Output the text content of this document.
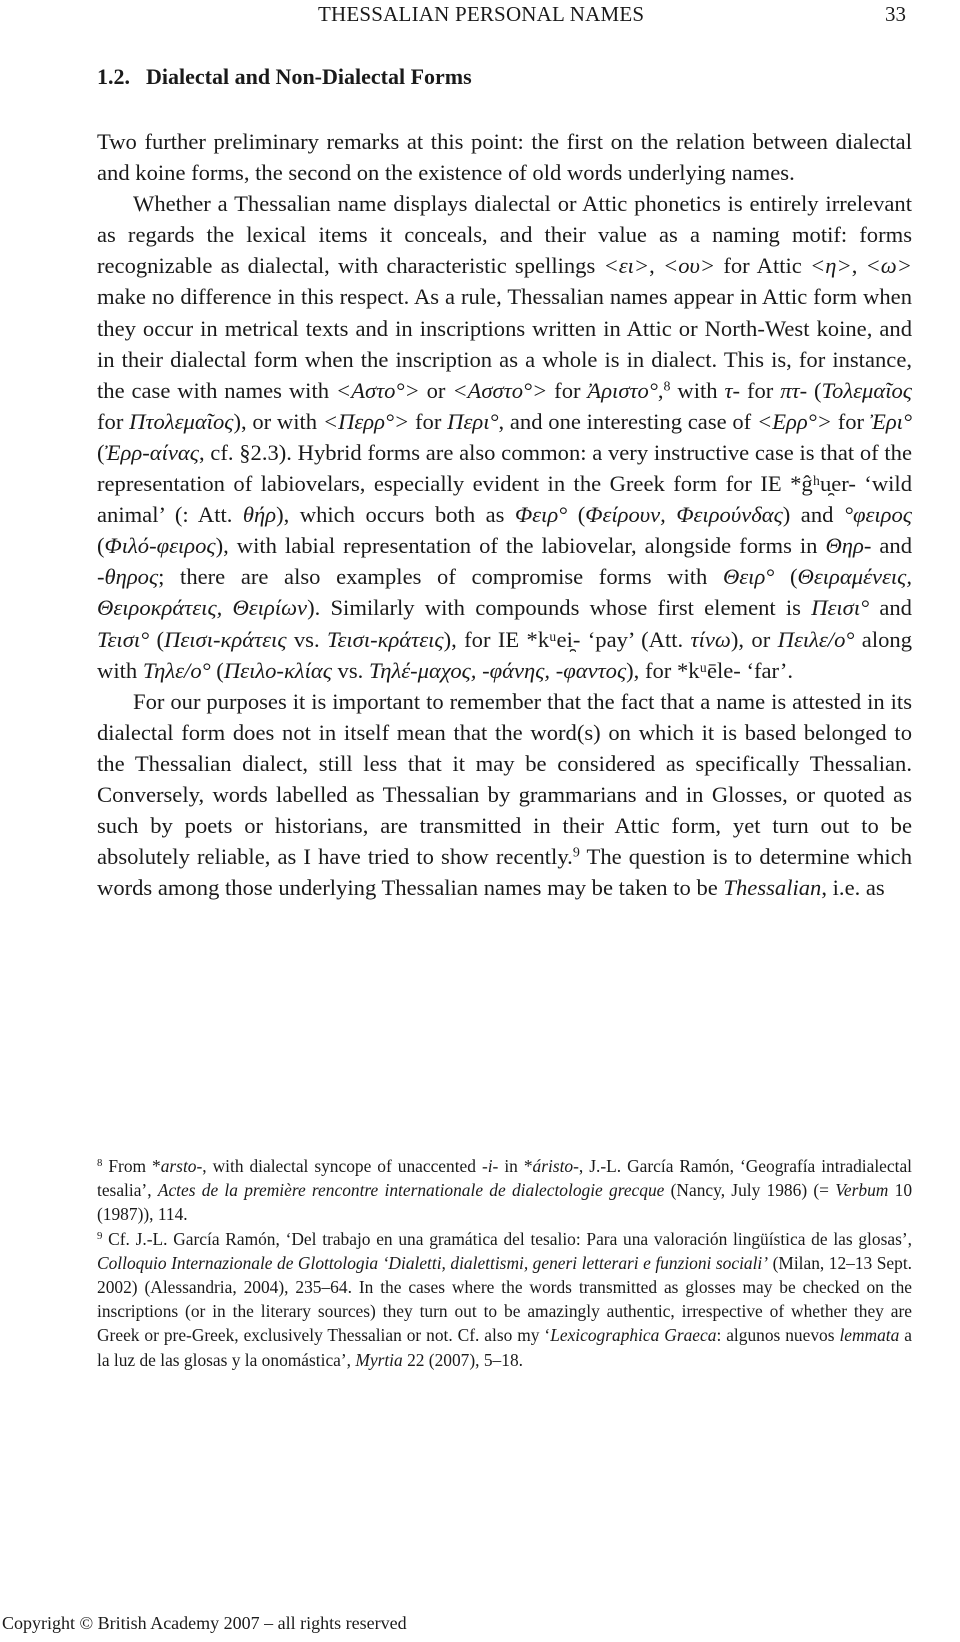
THESSALIAN PERSONAL NAMES	33
1.2. Dialectal and Non-Dialectal Forms

Two further preliminary remarks at this point: the first on the relation between dialectal and koine forms, the second on the existence of old words underlying names.

Whether a Thessalian name displays dialectal or Attic phonetics is entirely irrelevant as regards the lexical items it conceals, and their value as a naming motif: forms recognizable as dialectal, with characteristic spellings <ει>, <ου> for Attic <η>, <ω> make no difference in this respect. As a rule, Thessalian names appear in Attic form when they occur in metrical texts and in inscriptions written in Attic or North-West koine, and in their dialectal form when the inscription as a whole is in dialect. This is, for instance, the case with names with <Αστο°> or <Ασστο°> for Ἀριστο°,$^8$ with τ- for πτ- (Τολεμαῖος for Πτολεμαῖος), or with <Περρ°> for Περι°, and one interesting case of <Ερρ°> for Ἐρι° (Ἐρρ-αίνας, cf. §2.3). Hybrid forms are also common: a very instructive case is that of the representation of labiovelars, especially evident in the Greek form for IE *ĝʰu̯er- ‘wild animal’ (: Att. θήρ), which occurs both as Φειρ° (Φείρουν, Φειρούνδας) and °φειρος (Φιλό-φειρος), with labial representation of the labiovelar, alongside forms in Θηρ- and -θηρος; there are also examples of compromise forms with Θειρ° (Θειραμένεις, Θειροκράτεις, Θειρίων). Similarly with compounds whose first element is Πεισι° and Τεισι° (Πεισι-κράτεις vs. Τεισι-κράτεις), for IE *kᵘei̯- ‘pay’ (Att. τίνω), or Πειλε/ο° along with Τηλε/ο° (Πειλο-κλίας vs. Τηλέ-μαχος, -φάνης, -φαντος), for *kᵘēle- ‘far’.

For our purposes it is important to remember that the fact that a name is attested in its dialectal form does not in itself mean that the word(s) on which it is based belonged to the Thessalian dialect, still less that it may be considered as specifically Thessalian. Conversely, words labelled as Thessalian by grammarians and in Glosses, or quoted as such by poets or historians, are transmitted in their Attic form, yet turn out to be absolutely reliable, as I have tried to show recently.$^9$ The question is to determine which words among those underlying Thessalian names may be taken to be Thessalian, i.e. as

$^8$ From *arsto-, with dialectal syncope of unaccented -i- in *áristo-, J.-L. García Ramón, ‘Geografía intradialectal tesalia’, Actes de la première rencontre internationale de dialectologie grecque (Nancy, July 1986) (= Verbum 10 (1987)), 114.

$^9$ Cf. J.-L. García Ramón, ‘Del trabajo en una gramática del tesalio: Para una valoración lingüística de las glosas’, Colloquio Internazionale de Glottologia ‘Dialetti, dialettismi, generi letterari e funzioni sociali’ (Milan, 12–13 Sept. 2002) (Alessandria, 2004), 235–64. In the cases where the words transmitted as glosses may be checked on the inscriptions (or in the literary sources) they turn out to be amazingly authentic, irrespective of whether they are Greek or pre-Greek, exclusively Thessalian or not. Cf. also my ‘Lexicographica Graeca: algunos nuevos lemmata a la luz de las glosas y la onomástica’, Myrtia 22 (2007), 5–18.

Copyright © British Academy 2007 – all rights reserved
